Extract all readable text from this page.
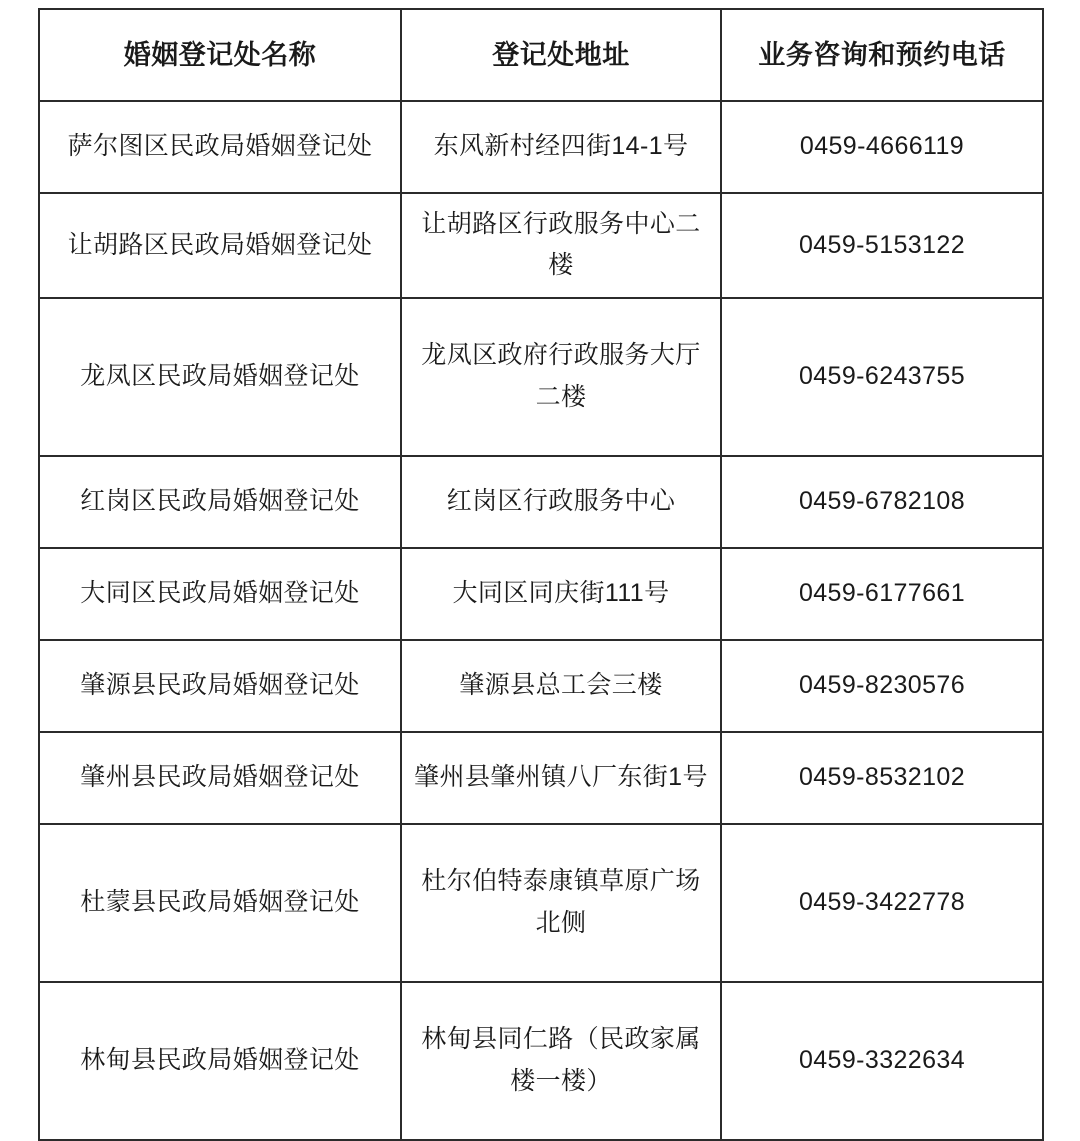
婚姻登记处名称	登记处地址	业务咨询和预约电话
萨尔图区民政局婚姻登记处	东风新村经四街14-1号	0459-4666119
让胡路区民政局婚姻登记处	让胡路区行政服务中心二楼	0459-5153122
龙凤区民政局婚姻登记处	龙凤区政府行政服务大厅二楼	0459-6243755
红岗区民政局婚姻登记处	红岗区行政服务中心	0459-6782108
大同区民政局婚姻登记处	大同区同庆街111号	0459-6177661
肇源县民政局婚姻登记处	肇源县总工会三楼	0459-8230576
肇州县民政局婚姻登记处	肇州县肇州镇八厂东街1号	0459-8532102
杜蒙县民政局婚姻登记处	杜尔伯特泰康镇草原广场北侧	0459-3422778
林甸县民政局婚姻登记处	林甸县同仁路（民政家属楼一楼）	0459-3322634
